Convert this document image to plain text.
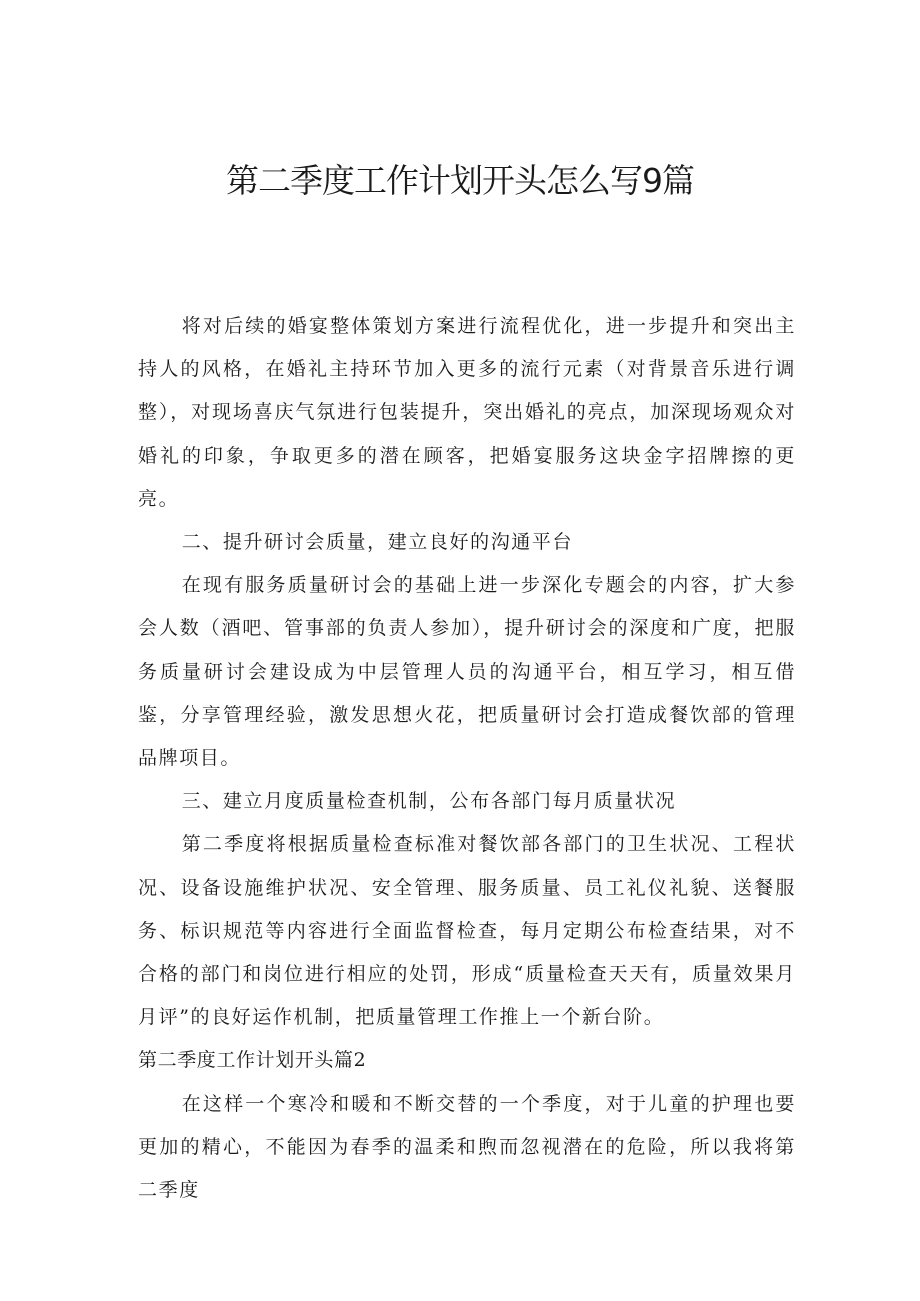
第二季度工作计划开头怎么写9篇

将对后续的婚宴整体策划方案进行流程优化，进一步提升和突出主持人的风格，在婚礼主持环节加入更多的流行元素（对背景音乐进行调整），对现场喜庆气氛进行包装提升，突出婚礼的亮点，加深现场观众对婚礼的印象，争取更多的潜在顾客，把婚宴服务这块金字招牌擦的更亮。

二、提升研讨会质量，建立良好的沟通平台

在现有服务质量研讨会的基础上进一步深化专题会的内容，扩大参会人数（酒吧、管事部的负责人参加），提升研讨会的深度和广度，把服务质量研讨会建设成为中层管理人员的沟通平台，相互学习，相互借鉴，分享管理经验，激发思想火花，把质量研讨会打造成餐饮部的管理品牌项目。

三、建立月度质量检查机制，公布各部门每月质量状况

第二季度将根据质量检查标准对餐饮部各部门的卫生状况、工程状况、设备设施维护状况、安全管理、服务质量、员工礼仪礼貌、送餐服务、标识规范等内容进行全面监督检查，每月定期公布检查结果，对不合格的部门和岗位进行相应的处罚，形成“质量检查天天有，质量效果月月评”的良好运作机制，把质量管理工作推上一个新台阶。

第二季度工作计划开头篇2

在这样一个寒冷和暖和不断交替的一个季度，对于儿童的护理也要更加的精心，不能因为春季的温柔和煦而忽视潜在的危险，所以我将第二季度
